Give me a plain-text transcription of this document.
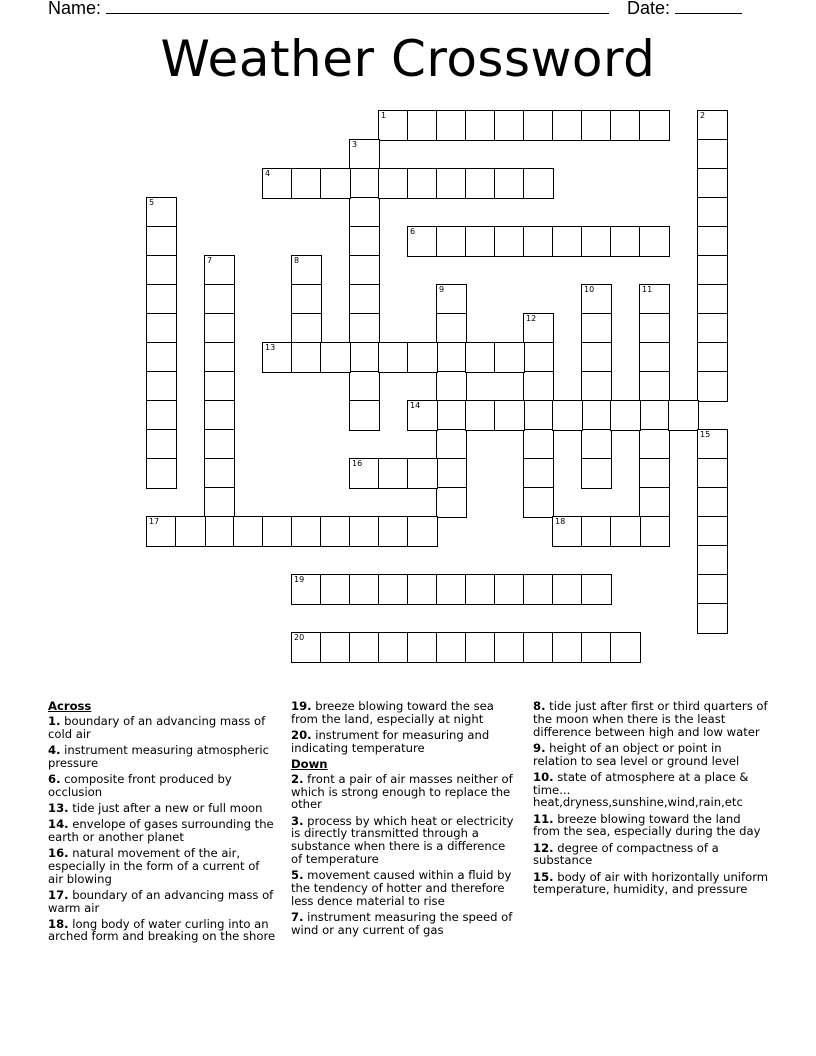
Name:	Date:
Weather Crossword
1	2
3
4
5
6
7	8
9	10	11
12
13
14
15
16
17	18
19
20
Across
1. boundary of an advancing mass of cold air
4. instrument measuring atmospheric pressure
6. composite front produced by occlusion
13. tide just after a new or full moon
14. envelope of gases surrounding the earth or another planet
16. natural movement of the air, especially in the form of a current of air blowing
17. boundary of an advancing mass of warm air
18. long body of water curling into an arched form and breaking on the shore
19. breeze blowing toward the sea from the land, especially at night
20. instrument for measuring and indicating temperature
Down
2. front a pair of air masses neither of which is strong enough to replace the other
3. process by which heat or electricity is directly transmitted through a substance when there is a difference of temperature
5. movement caused within a fluid by the tendency of hotter and therefore less dence material to rise
7. instrument measuring the speed of wind or any current of gas
8. tide just after first or third quarters of the moon when there is the least difference between high and low water
9. height of an object or point in relation to sea level or ground level
10. state of atmosphere at a place & time... heat,dryness,sunshine,wind,rain,etc
11. breeze blowing toward the land from the sea, especially during the day
12. degree of compactness of a substance
15. body of air with horizontally uniform temperature, humidity, and pressure
